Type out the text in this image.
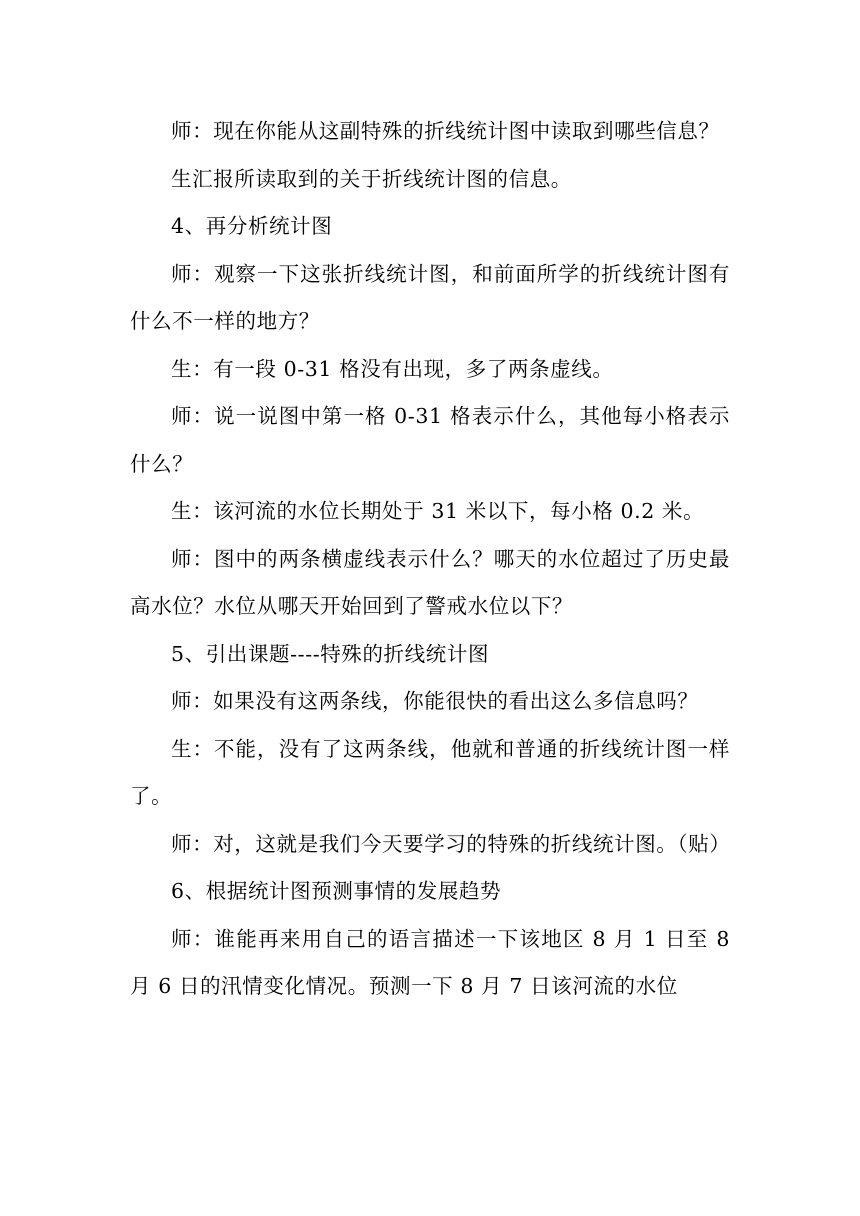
师：现在你能从这副特殊的折线统计图中读取到哪些信息？

生汇报所读取到的关于折线统计图的信息。

4、再分析统计图

师：观察一下这张折线统计图，和前面所学的折线统计图有什么不一样的地方？

生：有一段 0-31 格没有出现，多了两条虚线。

师：说一说图中第一格 0-31 格表示什么，其他每小格表示什么？

生：该河流的水位长期处于 31 米以下，每小格 0.2 米。

师：图中的两条横虚线表示什么？哪天的水位超过了历史最高水位？水位从哪天开始回到了警戒水位以下？

5、引出课题----特殊的折线统计图

师：如果没有这两条线，你能很快的看出这么多信息吗？

生：不能，没有了这两条线，他就和普通的折线统计图一样了。

师：对，这就是我们今天要学习的特殊的折线统计图。（贴）

6、根据统计图预测事情的发展趋势

师：谁能再来用自己的语言描述一下该地区 8 月 1 日至 8 月 6 日的汛情变化情况。预测一下 8 月 7 日该河流的水位
